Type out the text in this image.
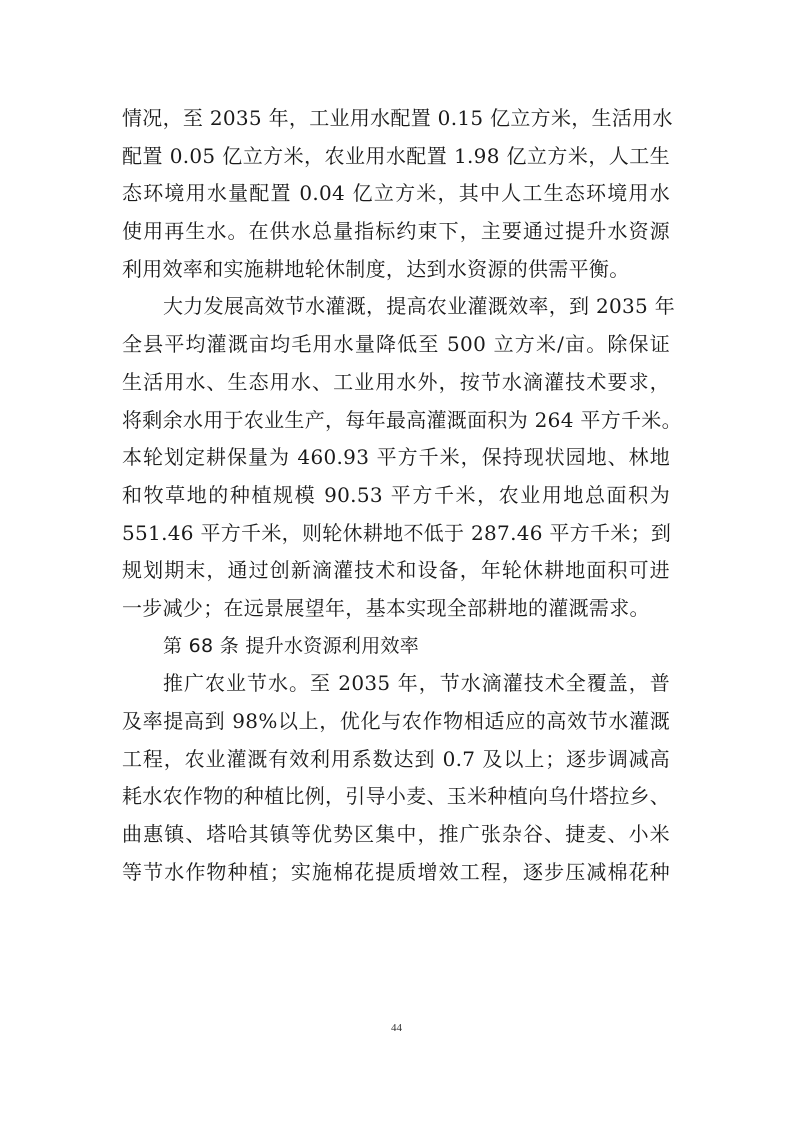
情况，至 2035 年，工业用水配置 0.15 亿立方米，生活用水
配置 0.05 亿立方米，农业用水配置 1.98 亿立方米，人工生
态环境用水量配置 0.04 亿立方米，其中人工生态环境用水
使用再生水。在供水总量指标约束下，主要通过提升水资源
利用效率和实施耕地轮休制度，达到水资源的供需平衡。
大力发展高效节水灌溉，提高农业灌溉效率，到 2035 年
全县平均灌溉亩均毛用水量降低至 500 立方米/亩。除保证
生活用水、生态用水、工业用水外，按节水滴灌技术要求，
将剩余水用于农业生产，每年最高灌溉面积为 264 平方千米。
本轮划定耕保量为 460.93 平方千米，保持现状园地、林地
和牧草地的种植规模 90.53 平方千米，农业用地总面积为
551.46 平方千米，则轮休耕地不低于 287.46 平方千米；到
规划期末，通过创新滴灌技术和设备，年轮休耕地面积可进
一步减少；在远景展望年，基本实现全部耕地的灌溉需求。
第 68 条 提升水资源利用效率
推广农业节水。至 2035 年，节水滴灌技术全覆盖，普
及率提高到 98%以上，优化与农作物相适应的高效节水灌溉
工程，农业灌溉有效利用系数达到 0.7 及以上；逐步调减高
耗水农作物的种植比例，引导小麦、玉米种植向乌什塔拉乡、
曲惠镇、塔哈其镇等优势区集中，推广张杂谷、捷麦、小米
等节水作物种植；实施棉花提质增效工程，逐步压减棉花种
44
